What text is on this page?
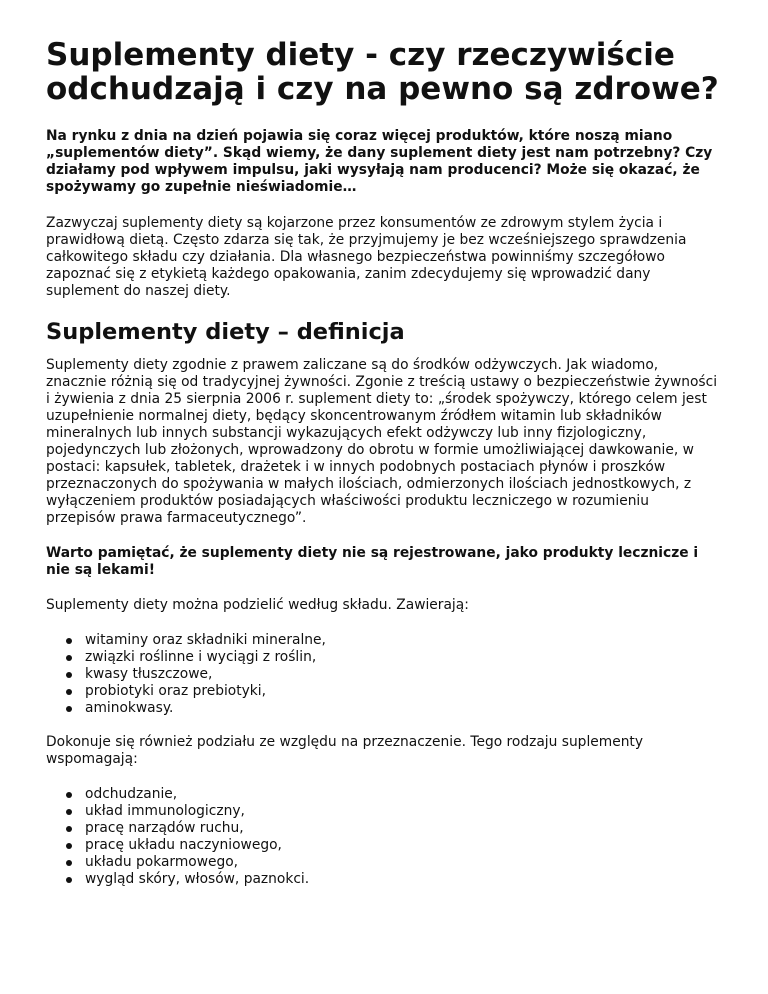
Suplementy diety - czy rzeczywiście odchudzają i czy na pewno są zdrowe?

Na rynku z dnia na dzień pojawia się coraz więcej produktów, które noszą miano „suplementów diety”. Skąd wiemy, że dany suplement diety jest nam potrzebny? Czy działamy pod wpływem impulsu, jaki wysyłają nam producenci? Może się okazać, że spożywamy go zupełnie nieświadomie…

Zazwyczaj suplementy diety są kojarzone przez konsumentów ze zdrowym stylem życia i prawidłową dietą. Często zdarza się tak, że przyjmujemy je bez wcześniejszego sprawdzenia całkowitego składu czy działania. Dla własnego bezpieczeństwa powinniśmy szczegółowo zapoznać się z etykietą każdego opakowania, zanim zdecydujemy się wprowadzić dany suplement do naszej diety.

Suplementy diety – definicja

Suplementy diety zgodnie z prawem zaliczane są do środków odżywczych. Jak wiadomo, znacznie różnią się od tradycyjnej żywności. Zgonie z treścią ustawy o bezpieczeństwie żywności i żywienia z dnia 25 sierpnia 2006 r. suplement diety to: „środek spożywczy, którego celem jest uzupełnienie normalnej diety, będący skoncentrowanym źródłem witamin lub składników mineralnych lub innych substancji wykazujących efekt odżywczy lub inny fizjologiczny, pojedynczych lub złożonych, wprowadzony do obrotu w formie umożliwiającej dawkowanie, w postaci: kapsułek, tabletek, drażetek i w innych podobnych postaciach płynów i proszków przeznaczonych do spożywania w małych ilościach, odmierzonych ilościach jednostkowych, z wyłączeniem produktów posiadających właściwości produktu leczniczego w rozumieniu przepisów prawa farmaceutycznego”.

Warto pamiętać, że suplementy diety nie są rejestrowane, jako produkty lecznicze i nie są lekami!

Suplementy diety można podzielić według składu. Zawierają:

witaminy oraz składniki mineralne,
związki roślinne i wyciągi z roślin,
kwasy tłuszczowe,
probiotyki oraz prebiotyki,
aminokwasy.

Dokonuje się również podziału ze względu na przeznaczenie. Tego rodzaju suplementy wspomagają:

odchudzanie,
układ immunologiczny,
pracę narządów ruchu,
pracę układu naczyniowego,
układu pokarmowego,
wygląd skóry, włosów, paznokci.
